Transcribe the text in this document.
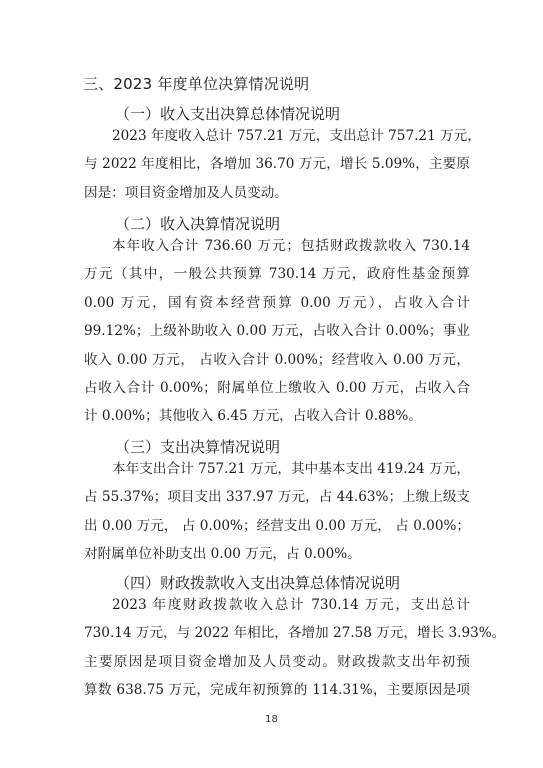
三、2023 年度单位决算情况说明
（一）收入支出决算总体情况说明
2023 年度收入总计 757.21 万元，支出总计 757.21 万元，
与 2022 年度相比，各增加 36.70 万元，增长 5.09%，主要原
因是：项目资金增加及人员变动。
（二）收入决算情况说明
本年收入合计 736.60 万元；包括财政拨款收入 730.14
万元（其中，一般公共预算 730.14 万元，政府性基金预算
0.00 万元，国有资本经营预算 0.00 万元），占收入合计
99.12%；上级补助收入 0.00 万元，占收入合计 0.00%；事业
收入 0.00 万元， 占收入合计 0.00%；经营收入 0.00 万元，
占收入合计 0.00%；附属单位上缴收入 0.00 万元，占收入合
计 0.00%；其他收入 6.45 万元，占收入合计 0.88%。
（三）支出决算情况说明
本年支出合计 757.21 万元，其中基本支出 419.24 万元，
占 55.37%；项目支出 337.97 万元，占 44.63%；上缴上级支
出 0.00 万元， 占 0.00%；经营支出 0.00 万元， 占 0.00%；
对附属单位补助支出 0.00 万元，占 0.00%。
（四）财政拨款收入支出决算总体情况说明
2023 年度财政拨款收入总计 730.14 万元，支出总计
730.14 万元，与 2022 年相比，各增加 27.58 万元，增长 3.93%。
主要原因是项目资金增加及人员变动。财政拨款支出年初预
算数 638.75 万元，完成年初预算的 114.31%，主要原因是项
18
